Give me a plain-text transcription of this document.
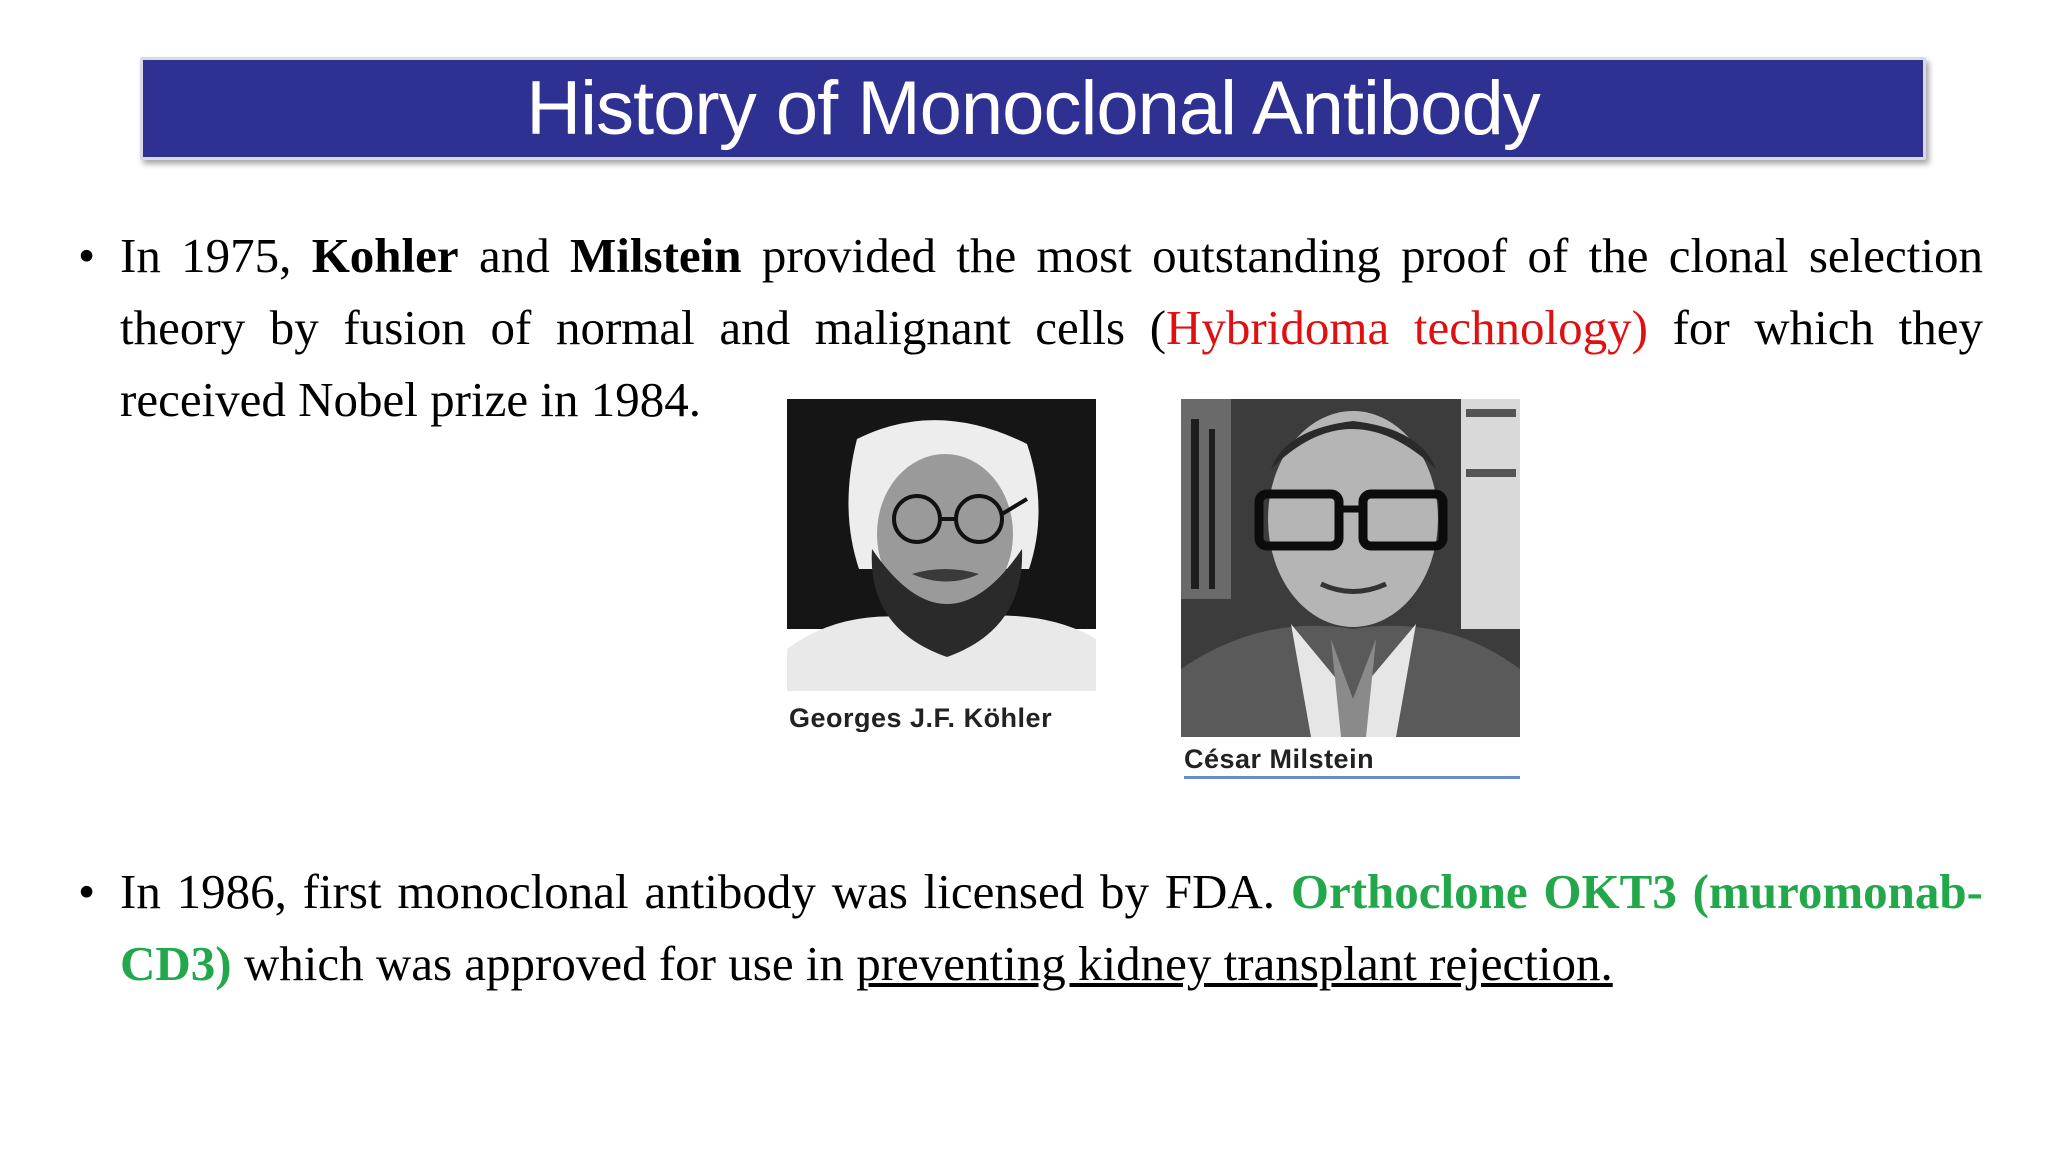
History of Monoclonal Antibody
• In 1975, Kohler and Milstein provided the most outstanding proof of the clonal selection theory by fusion of normal and malignant cells (Hybridoma technology) for which they received Nobel prize in 1984.
Georges J.F. Köhler
César Milstein
• In 1986, first monoclonal antibody was licensed by FDA. Orthoclone OKT3 (muromonab-CD3) which was approved for use in preventing kidney transplant rejection.
